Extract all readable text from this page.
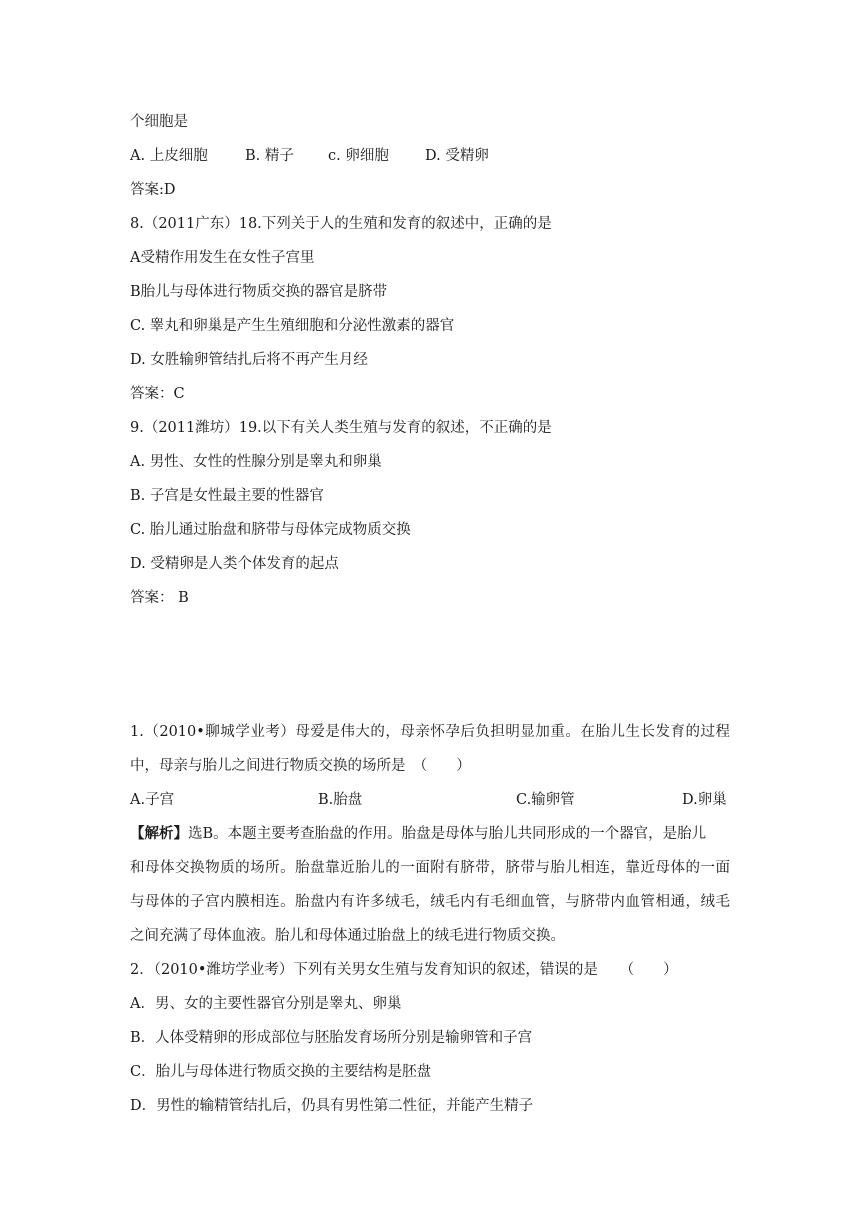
个细胞是
A. 上皮细胞	B. 精子 c. 卵细胞 D. 受精卵
答案:D
8.（2011广东）18.下列关于人的生殖和发育的叙述中，正确的是
A受精作用发生在女性子宫里
B胎儿与母体进行物质交换的器官是脐带
C. 睾丸和卵巢是产生生殖细胞和分泌性激素的器官
D. 女胜输卵管结扎后将不再产生月经
答案：C
9.（2011潍坊）19.以下有关人类生殖与发育的叙述，不正确的是
A. 男性、女性的性腺分别是睾丸和卵巢
B. 子宫是女性最主要的性器官
C. 胎儿通过胎盘和脐带与母体完成物质交换
D. 受精卵是人类个体发育的起点
答案： B
1.（2010•聊城学业考）母爱是伟大的，母亲怀孕后负担明显加重。在胎儿生长发育的过程
中，母亲与胎儿之间进行物质交换的场所是　（　　）
A.子宫	B.胎盘	C.输卵管	D.卵巢
【解析】选B。本题主要考查胎盘的作用。胎盘是母体与胎儿共同形成的一个器官，是胎儿
和母体交换物质的场所。胎盘靠近胎儿的一面附有脐带，脐带与胎儿相连，靠近母体的一面
与母体的子宫内膜相连。胎盘内有许多绒毛，绒毛内有毛细血管，与脐带内血管相通，绒毛
之间充满了母体血液。胎儿和母体通过胎盘上的绒毛进行物质交换。
2．（2010•潍坊学业考）下列有关男女生殖与发育知识的叙述，错误的是　　（　　）
A．男、女的主要性器官分别是睾丸、卵巢
B．人体受精卵的形成部位与胚胎发育场所分别是输卵管和子宫
C．胎儿与母体进行物质交换的主要结构是胚盘
D．男性的输精管结扎后，仍具有男性第二性征，并能产生精子
